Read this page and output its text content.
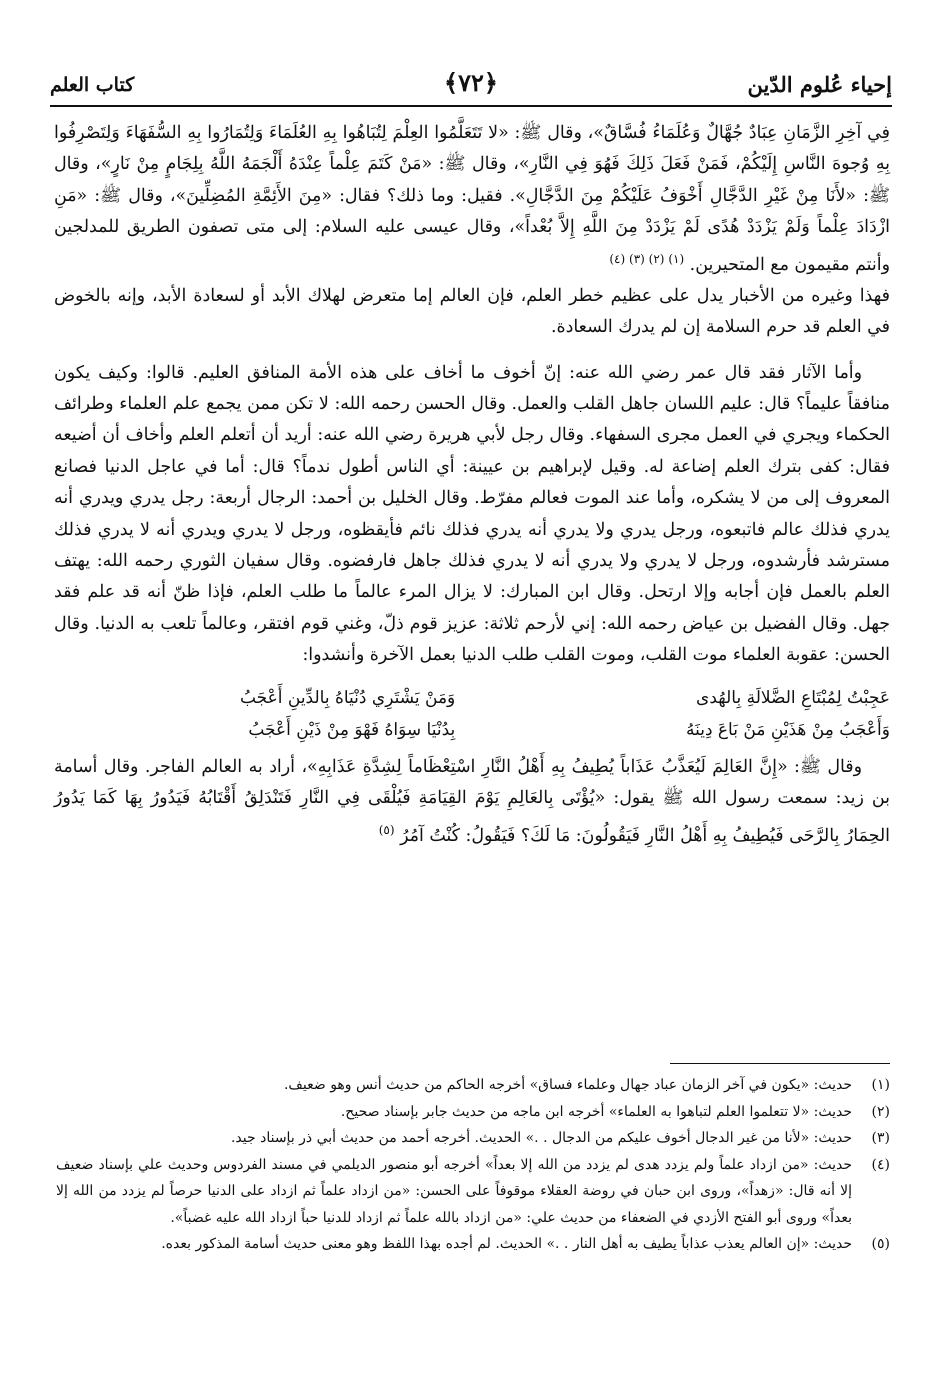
إحياء عُلوم الدّين
﴿٧٢﴾
كتاب العلم

فِي آخِرِ الزَّمَانِ عِبَادٌ جُهَّالٌ وَعُلَمَاءُ فُسَّاقٌ»، وقال ﷺ: «لا تَتَعَلَّمُوا العِلْمَ لِتُبَاهُوا بِهِ العُلَمَاءَ وَلِتُمَارُوا بِهِ السُّفَهَاءَ وَلِتَصْرِفُوا بِهِ وُجوهَ النَّاسِ إِلَيْكُمْ، فَمَنْ فَعَلَ ذَلِكَ فَهُوَ فِي النَّارِ»، وقال ﷺ: «مَنْ كَتَمَ عِلْماً عِنْدَهُ أَلْجَمَهُ اللَّهُ بِلِجَامٍ مِنْ نَارٍ»، وقال ﷺ: «لأَنَا مِنْ غَيْرِ الدَّجَّالِ أَخْوَفُ عَلَيْكُمْ مِنَ الدَّجَّالِ». فقيل: وما ذلك؟ فقال: «مِنَ الأَئِمَّةِ المُضِلِّينَ»، وقال ﷺ: «مَنِ ازْدَادَ عِلْماً وَلَمْ يَزْدَدْ هُدًى لَمْ يَزْدَدْ مِنَ اللَّهِ إِلاَّ بُعْداً»، وقال عيسى عليه السلام: إلى متى تصفون الطريق للمدلجين وأنتم مقيمون مع المتحيرين. $^{(١) (٢) (٣) (٤)}$

فهذا وغيره من الأخبار يدل على عظيم خطر العلم، فإن العالم إما متعرض لهلاك الأبد أو لسعادة الأبد، وإنه بالخوض في العلم قد حرم السلامة إن لم يدرك السعادة.

وأما الآثار فقد قال عمر رضي الله عنه: إنّ أخوف ما أخاف على هذه الأمة المنافق العليم. قالوا: وكيف يكون منافقاً عليماً؟ قال: عليم اللسان جاهل القلب والعمل. وقال الحسن رحمه الله: لا تكن ممن يجمع علم العلماء وطرائف الحكماء ويجري في العمل مجرى السفهاء. وقال رجل لأبي هريرة رضي الله عنه: أريد أن أتعلم العلم وأخاف أن أضيعه فقال: كفى بترك العلم إضاعة له. وقيل لإبراهيم بن عيينة: أي الناس أطول ندماً؟ قال: أما في عاجل الدنيا فصانع المعروف إلى من لا يشكره، وأما عند الموت فعالم مفرّط. وقال الخليل بن أحمد: الرجال أربعة: رجل يدري ويدري أنه يدري فذلك عالم فاتبعوه، ورجل يدري ولا يدري أنه يدري فذلك نائم فأيقظوه، ورجل لا يدري ويدري أنه لا يدري فذلك مسترشد فأرشدوه، ورجل لا يدري ولا يدري أنه لا يدري فذلك جاهل فارفضوه. وقال سفيان الثوري رحمه الله: يهتف العلم بالعمل فإن أجابه وإلا ارتحل. وقال ابن المبارك: لا يزال المرء عالماً ما طلب العلم، فإذا ظنّ أنه قد علم فقد جهل. وقال الفضيل بن عياض رحمه الله: إني لأرحم ثلاثة: عزيز قوم ذلّ، وغني قوم افتقر، وعالماً تلعب به الدنيا. وقال الحسن: عقوبة العلماء موت القلب، وموت القلب طلب الدنيا بعمل الآخرة وأنشدوا:

عَجِبْتُ لِمُبْتَاعِ الضَّلالَةِ بِالهُدى
وَمَنْ يَشْتَرِي دُنْيَاهُ بِالدِّينِ أَعْجَبُ
وَأَعْجَبُ مِنْ هَذَيْنِ مَنْ بَاعَ دِينَهُ
بِدُنْيَا سِوَاهُ فَهْوَ مِنْ ذَيْنِ أَعْجَبُ

وقال ﷺ: «إِنَّ العَالِمَ لَيُعَذَّبُ عَذَاباً يُطِيفُ بِهِ أَهْلُ النَّارِ اسْتِعْظَاماً لِشِدَّةِ عَذَابِهِ»، أراد به العالم الفاجر. وقال أسامة بن زيد: سمعت رسول الله ﷺ يقول: «يُؤْتَى بِالعَالِمِ يَوْمَ القِيَامَةِ فَيُلْقَى فِي النَّارِ فَتَنْدَلِقُ أَقْتَابُهُ فَيَدُورُ بِهَا كَمَا يَدُورُ الحِمَارُ بِالرَّحَى فَيُطِيفُ بِهِ أَهْلُ النَّارِ فَيَقُولُونَ: مَا لَكَ؟ فَيَقُولُ: كُنْتُ آمُرُ $^{(٥)}$

(١)
حديث: «يكون في آخر الزمان عباد جهال وعلماء فساق» أخرجه الحاكم من حديث أنس وهو ضعيف.
(٢)
حديث: «لا تتعلموا العلم لتباهوا به العلماء» أخرجه ابن ماجه من حديث جابر بإسناد صحيح.
(٣)
حديث: «لأنا من غير الدجال أخوف عليكم من الدجال . .» الحديث. أخرجه أحمد من حديث أبي ذر بإسناد جيد.
(٤)
حديث: «من ازداد علماً ولم يزدد هدى لم يزدد من الله إلا بعداً» أخرجه أبو منصور الديلمي في مسند الفردوس وحديث علي بإسناد ضعيف إلا أنه قال: «زهداً»، وروى ابن حبان في روضة العقلاء موقوفاً على الحسن: «من ازداد علماً ثم ازداد على الدنيا حرصاً لم يزدد من الله إلا بعداً» وروى أبو الفتح الأزدي في الضعفاء من حديث علي: «من ازداد بالله علماً ثم ازداد للدنيا حباً ازداد الله عليه غضباً».
(٥)
حديث: «إن العالم يعذب عذاباً يطيف به أهل النار . .» الحديث. لم أجده بهذا اللفظ وهو معنى حديث أسامة المذكور بعده.
